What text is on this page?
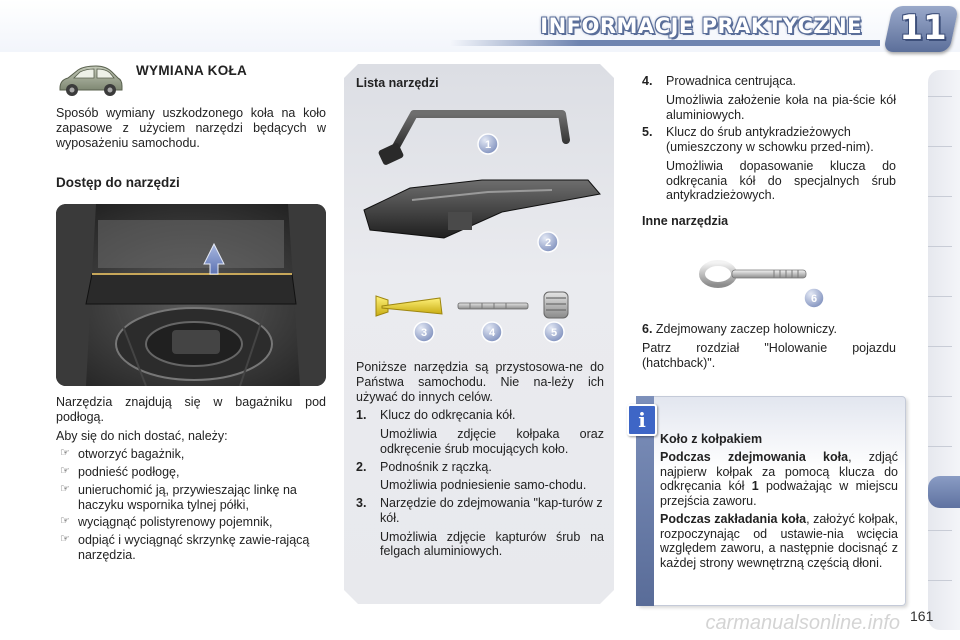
INFORMACJE PRAKTYCZNE 11
WYMIANA KOŁA

Sposób wymiany uszkodzonego koła na koło zapasowe z użyciem narzędzi będących w wyposażeniu samochodu.

Dostęp do narzędzi

Narzędzia znajdują się w bagażniku pod podłogą.

Aby się do nich dostać, należy:

☞ otworzyć bagażnik,
☞ podnieść podłogę,
☞ unieruchomić ją, przywieszając linkę na haczyku wspornika tylnej półki,
☞ wyciągnąć polistyrenowy pojemnik,
☞ odpiąć i wyciągnąć skrzynkę zawie-rającą narzędzia.
Lista narzędzi
1
2
3	4	5

Poniższe narzędzia są przystosowa-ne do Państwa samochodu. Nie na-leży ich używać do innych celów.

1. Klucz do odkręcania kół.
Umożliwia zdjęcie kołpaka oraz odkręcenie śrub mocujących koło.
2. Podnośnik z rączką.
Umożliwia podniesienie samo-chodu.
3. Narzędzie do zdejmowania "kap-turów z kół.
Umożliwia zdjęcie kapturów śrub na felgach aluminiowych.
4. Prowadnica centrująca.
Umożliwia założenie koła na pia-ście kół aluminiowych.
5. Klucz do śrub antykradzieżowych (umieszczony w schowku przed-nim).
Umożliwia dopasowanie klucza do odkręcania kół do specjalnych śrub antykradzieżowych.
Inne narzędzia
6

6. Zdejmowany zaczep holowniczy.

Patrz rozdział "Holowanie pojazdu (hatchback)".

i

Koło z kołpakiem

Podczas zdejmowania koła, zdjąć najpierw kołpak za pomocą klucza do odkręcania kół 1 podważając w miejscu przejścia zaworu.

Podczas zakładania koła, założyć kołpak, rozpoczynając od ustawie-nia wcięcia względem zaworu, a następnie docisnąć z każdej strony wewnętrzną częścią dłoni.

161
carmanualsonline.info
